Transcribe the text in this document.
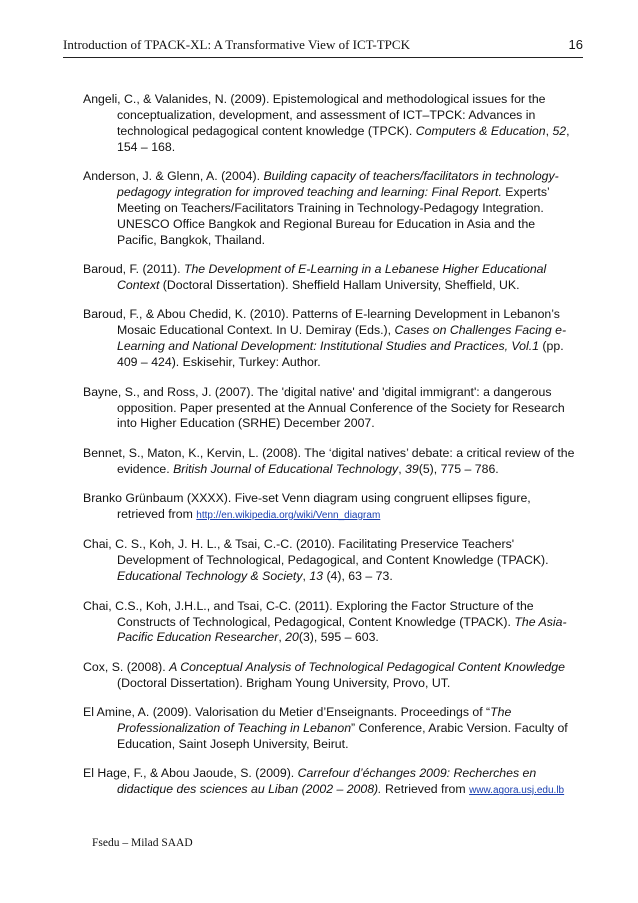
Introduction of TPACK-XL: A Transformative View of ICT-TPCK	16

Angeli, C., & Valanides, N. (2009). Epistemological and methodological issues for the conceptualization, development, and assessment of ICT–TPCK: Advances in technological pedagogical content knowledge (TPCK). Computers & Education, 52, 154 – 168.

Anderson, J. & Glenn, A. (2004). Building capacity of teachers/facilitators in technology-pedagogy integration for improved teaching and learning: Final Report. Experts’ Meeting on Teachers/Facilitators Training in Technology-Pedagogy Integration. UNESCO Office Bangkok and Regional Bureau for Education in Asia and the Pacific, Bangkok, Thailand.

Baroud, F. (2011). The Development of E-Learning in a Lebanese Higher Educational Context (Doctoral Dissertation). Sheffield Hallam University, Sheffield, UK.

Baroud, F., & Abou Chedid, K. (2010). Patterns of E-learning Development in Lebanon’s Mosaic Educational Context. In U. Demiray (Eds.), Cases on Challenges Facing e-Learning and National Development: Institutional Studies and Practices, Vol.1 (pp. 409 – 424). Eskisehir, Turkey: Author.

Bayne, S., and Ross, J. (2007). The 'digital native' and 'digital immigrant': a dangerous opposition. Paper presented at the Annual Conference of the Society for Research into Higher Education (SRHE) December 2007.

Bennet, S., Maton, K., Kervin, L. (2008). The ‘digital natives’ debate: a critical review of the evidence. British Journal of Educational Technology, 39(5), 775 – 786.

Branko Grünbaum (XXXX). Five-set Venn diagram using congruent ellipses figure, retrieved from http://en.wikipedia.org/wiki/Venn_diagram

Chai, C. S., Koh, J. H. L., & Tsai, C.-C. (2010). Facilitating Preservice Teachers' Development of Technological, Pedagogical, and Content Knowledge (TPACK). Educational Technology & Society, 13 (4), 63 – 73.

Chai, C.S., Koh, J.H.L., and Tsai, C-C. (2011). Exploring the Factor Structure of the Constructs of Technological, Pedagogical, Content Knowledge (TPACK). The Asia-Pacific Education Researcher, 20(3), 595 – 603.

Cox, S. (2008). A Conceptual Analysis of Technological Pedagogical Content Knowledge (Doctoral Dissertation). Brigham Young University, Provo, UT.

El Amine, A. (2009). Valorisation du Metier d’Enseignants. Proceedings of “The Professionalization of Teaching in Lebanon” Conference, Arabic Version. Faculty of Education, Saint Joseph University, Beirut.

El Hage, F., & Abou Jaoude, S. (2009). Carrefour d’échanges 2009: Recherches en didactique des sciences au Liban (2002 – 2008). Retrieved from www.agora.usj.edu.lb

Fsedu – Milad SAAD
